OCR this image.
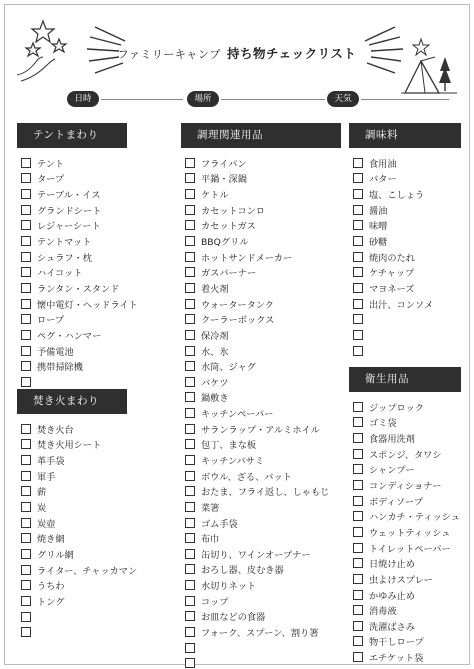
ファミリーキャンプ 持ち物チェックリスト
日時	場所	天気
テントまわり
テント
タープ
テーブル・イス
グランドシート
レジャーシート
テントマット
シュラフ・枕
ハイコット
ランタン・スタンド
懐中電灯・ヘッドライト
ロープ
ペグ・ハンマー
予備電池
携帯掃除機
焚き火まわり
焚き火台
焚き火用シート
革手袋
軍手
薪
炭
炭壺
焼き網
グリル網
ライター、チャッカマン
うちわ
トング
調理関連用品
フライパン
平鍋・深鍋
ケトル
カセットコンロ
カセットガス
BBQグリル
ホットサンドメーカー
ガスバーナー
着火剤
ウォータータンク
クーラーボックス
保冷剤
水、氷
水筒、ジャグ
バケツ
鍋敷き
キッチンペーパー
サランラップ・アルミホイル
包丁、まな板
キッチンバサミ
ボウル、ざる、バット
おたま、フライ返し、しゃもじ
菜箸
ゴム手袋
布巾
缶切り、ワインオープナー
おろし器、皮むき器
水切りネット
コップ
お皿などの食器
フォーク、スプーン、割り箸
調味料
食用油
バター
塩、こしょう
醤油
味噌
砂糖
焼肉のたれ
ケチャップ
マヨネーズ
出汁、コンソメ
衛生用品
ジップロック
ゴミ袋
食器用洗剤
スポンジ、タワシ
シャンプー
コンディショナー
ボディソープ
ハンカチ・ティッシュ
ウェットティッシュ
トイレットペーパー
日焼け止め
虫よけスプレー
かゆみ止め
消毒液
洗濯ばさみ
物干しロープ
エチケット袋
